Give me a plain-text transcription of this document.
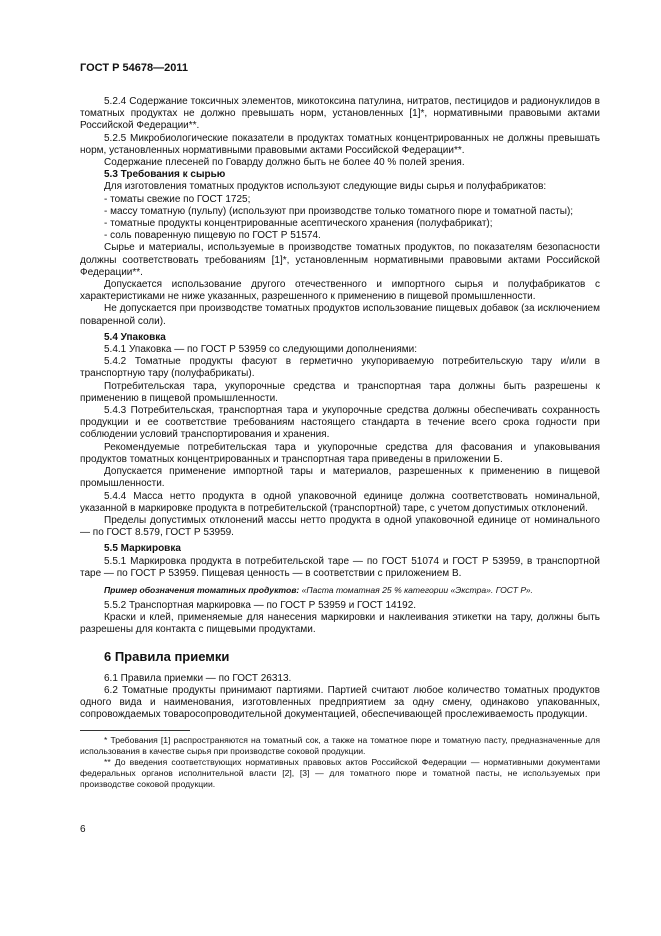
ГОСТ Р 54678—2011

5.2.4 Содержание токсичных элементов, микотоксина патулина, нитратов, пестицидов и радионуклидов в томатных продуктах не должно превышать норм, установленных [1]*, нормативными правовыми актами Российской Федерации**.

5.2.5 Микробиологические показатели в продуктах томатных концентрированных не должны превышать норм, установленных нормативными правовыми актами Российской Федерации**.

Содержание плесеней по Говарду должно быть не более 40 % полей зрения.

5.3 Требования к сырью

Для изготовления томатных продуктов используют следующие виды сырья и полуфабрикатов:

- томаты свежие по ГОСТ 1725;

- массу томатную (пульпу) (используют при производстве только томатного пюре и томатной пасты);

- томатные продукты концентрированные асептического хранения (полуфабрикат);

- соль поваренную пищевую по ГОСТ Р 51574.

Сырье и материалы, используемые в производстве томатных продуктов, по показателям безопасности должны соответствовать требованиям [1]*, установленным нормативными правовыми актами Российской Федерации**.

Допускается использование другого отечественного и импортного сырья и полуфабрикатов с характеристиками не ниже указанных, разрешенного к применению в пищевой промышленности.

Не допускается при производстве томатных продуктов использование пищевых добавок (за исключением поваренной соли).

5.4 Упаковка

5.4.1 Упаковка — по ГОСТ Р 53959 со следующими дополнениями:

5.4.2 Томатные продукты фасуют в герметично укупориваемую потребительскую тару и/или в транспортную тару (полуфабрикаты).

Потребительская тара, укупорочные средства и транспортная тара должны быть разрешены к применению в пищевой промышленности.

5.4.3 Потребительская, транспортная тара и укупорочные средства должны обеспечивать сохранность продукции и ее соответствие требованиям настоящего стандарта в течение всего срока годности при соблюдении условий транспортирования и хранения.

Рекомендуемые потребительская тара и укупорочные средства для фасования и упаковывания продуктов томатных концентрированных и транспортная тара приведены в приложении Б.

Допускается применение импортной тары и материалов, разрешенных к применению в пищевой промышленности.

5.4.4 Масса нетто продукта в одной упаковочной единице должна соответствовать номинальной, указанной в маркировке продукта в потребительской (транспортной) таре, с учетом допустимых отклонений.

Пределы допустимых отклонений массы нетто продукта в одной упаковочной единице от номинального — по ГОСТ 8.579, ГОСТ Р 53959.

5.5 Маркировка

5.5.1 Маркировка продукта в потребительской таре — по ГОСТ 51074 и ГОСТ Р 53959, в транспортной таре — по ГОСТ Р 53959. Пищевая ценность — в соответствии с приложением В.

Пример обозначения томатных продуктов: «Паста томатная 25 % категории «Экстра». ГОСТ Р».

5.5.2 Транспортная маркировка — по ГОСТ Р 53959 и ГОСТ 14192.

Краски и клей, применяемые для нанесения маркировки и наклеивания этикетки на тару, должны быть разрешены для контакта с пищевыми продуктами.

6 Правила приемки

6.1 Правила приемки — по ГОСТ 26313.

6.2 Томатные продукты принимают партиями. Партией считают любое количество томатных продуктов одного вида и наименования, изготовленных предприятием за одну смену, одинаково упакованных, сопровождаемых товаросопроводительной документацией, обеспечивающей прослеживаемость продукции.

* Требования [1] распространяются на томатный сок, а также на томатное пюре и томатную пасту, предназначенные для использования в качестве сырья при производстве соковой продукции.

** До введения соответствующих нормативных правовых актов Российской Федерации — нормативными документами федеральных органов исполнительной власти [2], [3] — для томатного пюре и томатной пасты, не используемых при производстве соковой продукции.

6
